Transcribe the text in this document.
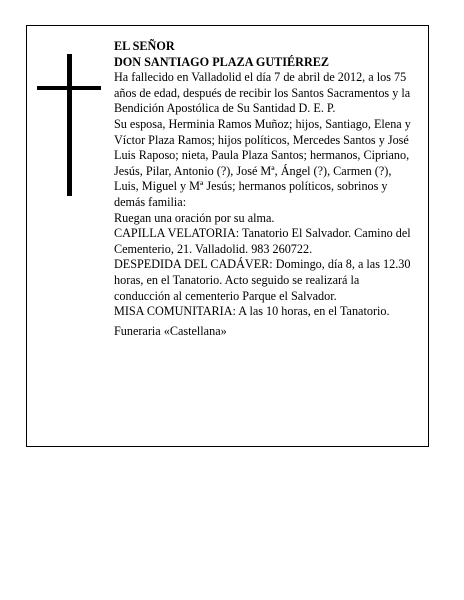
EL SEÑOR

DON SANTIAGO PLAZA GUTIÉRREZ

Ha fallecido en Valladolid el día 7 de abril de 2012, a los 75 años de edad, después de recibir los Santos Sacramentos y la Bendición Apostólica de Su Santidad D. E. P.

Su esposa, Herminia Ramos Muñoz; hijos, Santiago, Elena y Víctor Plaza Ramos; hijos políticos, Mercedes Santos y José Luis Raposo; nieta, Paula Plaza Santos; hermanos, Cipriano, Jesús, Pilar, Antonio (?), José Mª, Ángel (?), Carmen (?), Luis, Miguel y Mª Jesús; hermanos políticos, sobrinos y demás familia:

Ruegan una oración por su alma.

CAPILLA VELATORIA: Tanatorio El Salvador. Camino del Cementerio, 21. Valladolid. 983 260722.

DESPEDIDA DEL CADÁVER: Domingo, día 8, a las 12.30 horas, en el Tanatorio. Acto seguido se realizará la conducción al cementerio Parque el Salvador.

MISA COMUNITARIA: A las 10 horas, en el Tanatorio.

Funeraria «Castellana»
